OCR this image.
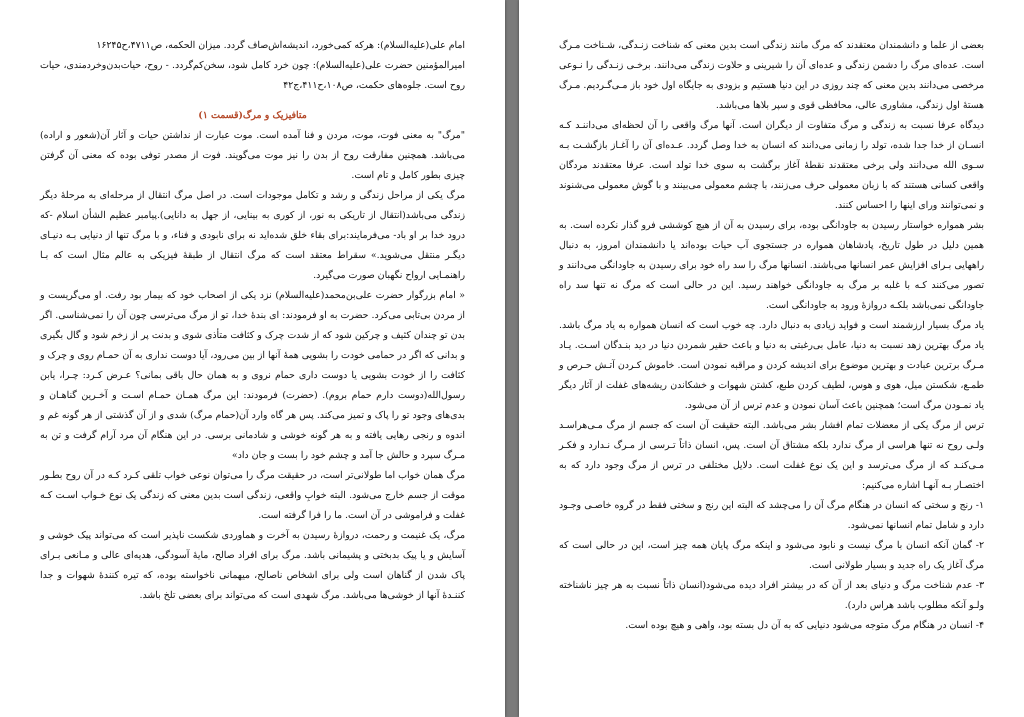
امام علی(علیه‌السلام): هرکه کمی‌خورد، اندیشه‌اش‌صاف گردد. میزان الحکمه، ص۴۷۱۱،ح۱۶۲۴۵

امیرالمؤمنین حضرت علی(علیه‌السلام): چون خرد کامل شود، سخن‌کم‌گردد. - روح، حیات‌بدن‌وخردمندی، حیات روح است. جلوه‌های حکمت، ص۱۰۸،ح۴۱۱،ج۴۲

متافیزیک و مرگ(قسمت ۱)

"مرگ" به معنی فوت، موت، مردن و فنا آمده است. موت عبارت از نداشتن حیات و آثار آن(شعور و اراده) می‌باشد. همچنین مفارقت روح از بدن را نیز موت می‌گویند. فوت از مصدر توفی بوده که معنی آن گرفتن چیزی بطور کامل و تام است.

مرگ یکی از مراحل زندگی و رشد و تکامل موجودات است. در اصل مرگ انتقال از مرحله‌ای به مرحلۀ دیگر زندگی می‌باشد(انتقال از تاریکی به نور، از کوری به بینایی، از جهل به دانایی).پیامبر عظیم الشأن اسلام -که درود خدا بر او باد- می‌فرمایند:برای بقاء خلق شده‌اید نه برای نابودی و فناء، و با مرگ تنها از دنیایی بـه دنیـای دیگـر منتقل می‌شوید.» سقراط معتقد است که مرگ انتقال از طبقۀ فیزیکی به عالم مثال است که بـا راهنمـایی ارواح نگهبان صورت می‌گیرد.

« امام بزرگوار حضرت علی‌بن‌محمد(علیه‌السلام) نزد یکی از اصحاب خود که بیمار بود رفت. او می‌گریست و از مردن بی‌تابی می‌کرد. حضرت به او فرمودند: ای بندۀ خدا، تو از مرگ می‌ترسی چون آن را نمی‌شناسی. اگر بدن تو چندان کثیف و چرکین شود که از شدت چرک و کثافت متأذی شوی و بدنت پر از زخم شود و گال بگیری و بدانی که اگر در حمامی خودت را بشویی همۀ آنها از بین می‌رود، آیا دوست نداری به آن حمـام روی و چرک و کثافت را از خودت بشویی یا دوست داری حمام نروی و به همان حال باقی بمانی؟ عـرض کـرد: چـرا، یابن رسول‌الله(دوست دارم حمام بروم). (حضرت) فرمودند: این مرگ همـان حمـام اسـت و آخـرین گناهـان و بدی‌های وجود تو را پاک و تمیز می‌کند. پس هر گاه وارد آن(حمام مرگ) شدی و از آن گذشتی از هر گونه غم و اندوه و رنجی رهایی یافته و به هر گونه خوشی و شادمانی برسی. در این هنگام آن مرد آرام گرفت و تن به مـرگ سپرد و حالش جا آمد و چشم خود را بست و جان داد»

مرگ همان خواب اما طولانی‌تر است، در حقیقت مرگ را می‌توان نوعی خواب تلقی کـرد کـه در آن روح بطـور موقت از جسم خارج می‌شود. البته خوابِ واقعی، زندگی است بدین معنی که زندگی یک نوع خـواب اسـت کـه غفلت و فراموشی در آن است. ما را فرا گرفته است.

مرگ، یک غنیمت و رحمت، دروازۀ رسیدن به آخرت و هماوردی شکست ناپذیر است که می‌تواند پیک خوشی و آسایش و یا پیک بدبختی و پشیمانی باشد. مرگ برای افراد صالح، مایۀ آسودگی، هدیه‌ای عالی و مـانعی بـرای پاک شدن از گناهان است ولی برای اشخاص ناصالح، میهمانی ناخواسته بوده، که تیره کنندۀ شهوات و جدا کننـدۀ آنها از خوشی‌ها می‌باشد. مرگ شهدی است که می‌تواند برای بعضی تلخ باشد.

بعضی از علما و دانشمندان معتقدند که مرگ مانند زندگی است بدین معنی که شناخت زنـدگی، شـناخت مـرگ است. عده‌ای مرگ را دشمن زندگی و عده‌ای آن را شیرینی و حلاوت زندگی می‌دانند. برخـی زنـدگی را نـوعی مرخصی می‌دانند بدین معنی که چند روزی در این دنیا هستیم و بزودی به جایگاه اول خود باز مـی‌گـردیم. مـرگ هستۀ اول زندگی، مشاوری عالی، محافظی قوی و سپر بلاها می‌باشد.

دیدگاه عرفا نسبت به زندگی و مرگ متفاوت از دیگران است. آنها مرگ واقعی را آن لحظه‌ای می‌داننـد کـه انسـان از خدا جدا شده، تولد را زمانی می‌دانند که انسان به خدا وصل گردد. عـده‌ای آن را آغـاز بازگشـت بـه سـوی الله می‌دانند ولی برخی معتقدند نقطۀ آغاز برگشت به سوی خدا تولد است. عرفا معتقدند مردگان واقعی کسانی هستند که با زبان معمولی حرف می‌زنند، با چشم معمولی می‌بینند و با گوش معمولی می‌شنوند و نمی‌توانند ورای اینها را احساس کنند.

بشر همواره خواستار رسیدن به جاودانگی بوده، برای رسیدن به آن از هیچ کوششی فرو گذار نکرده است. به همین دلیل در طول تاریخ، پادشاهان همواره در جستجوی آب حیات بوده‌اند یا دانشمندان امروز، به دنبال راههایی بـرای افزایش عمر انسانها می‌باشند. انسانها مرگ را سد راه خود برای رسیدن به جاودانگی می‌دانند و تصور می‌کنند کـه با غلبه بر مرگ به جاودانگی خواهند رسید. این در حالی است که مرگ نه تنها سد راه جاودانگی نمی‌باشد بلکـه دروازۀ ورود به جاودانگی است.

یاد مرگ بسیار ارزشمند است و فواید زیادی به دنبال دارد. چه خوب است که انسان همواره به یاد مرگ باشد. یاد مرگ بهترین زهد نسبت به دنیا، عامل بی‌رغبتی به دنیا و باعث حقیر شمردن دنیا در دید بنـدگان اسـت. یـاد مـرگ برترین عبادت و بهترین موضوع برای اندیشه کردن و مراقبه نمودن است. خاموش کـردن آتـش حـرص و طمـع، شکستن میل، هوی و هوس، لطیف کردن طبع، کشتن شهوات و خشکاندن ریشه‌های غفلت از آثار دیگر یاد نمـودن مرگ است؛ همچنین باعث آسان نمودن و عدم ترس از آن می‌شود.

ترس از مرگ یکی از معضلات تمام افشار بشر می‌باشد. البته حقیقت آن است که جسم از مرگ مـی‌هراسـد ولـی روح نه تنها هراسی از مرگ ندارد بلکه مشتاق آن است. پس، انسان ذاتاً تـرسی از مـرگ نـدارد و فکـر مـی‌کنـد که از مرگ می‌ترسد و این یک نوع غفلت است. دلایل مختلفی در ترس از مرگ وجود دارد که به اختصـار بـه آنهـا اشاره می‌کنیم:

۱- رنج و سختی که انسان در هنگام مرگ آن را می‌چشد که البته این رنج و سختی فقط در گروه خاصـی وجـود دارد و شامل تمام انسانها نمی‌شود.

۲- گمان آنکه انسان با مرگ نیست و نابود می‌شود و اینکه مرگ پایان همه چیز است، این در حالی است که مرگ آغاز یک راه جدید و بسیار طولانی است.

۳- عدم شناخت مرگ و دنیای بعد از آن که در بیشتر افراد دیده می‌شود(انسان ذاتاً نسبت به هر چیز ناشناخته ولـو آنکه مطلوب باشد هراس دارد).

۴- انسان در هنگام مرگ متوجه می‌شود دنیایی که به آن دل بسته بود، واهی و هیچ بوده است.
